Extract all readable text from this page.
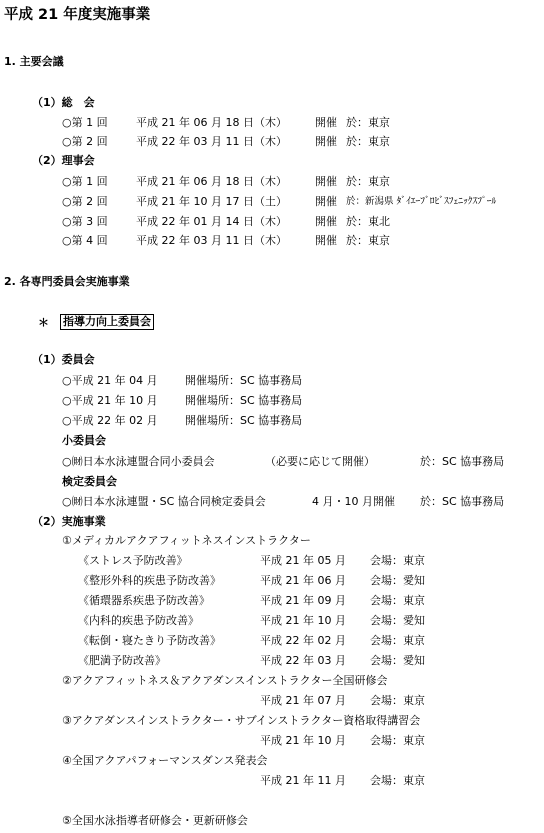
平成 21 年度実施事業
1. 主要会議
（1）総　会
○第 1 回	平成 21 年 06 月 18 日（木）	開催 於：東京
○第 2 回	平成 22 年 03 月 11 日（木）	開催 於：東京
（2）理事会
○第 1 回	平成 21 年 06 月 18 日（木）	開催 於：東京
○第 2 回	平成 21 年 10 月 17 日（土）	開催 於：新潟県 ﾀﾞｲｴｰﾌﾞﾛﾋﾞｽﾌｪﾆｯｸｽﾌﾟｰﾙ
○第 3 回	平成 22 年 01 月 14 日（木）	開催 於：東北
○第 4 回	平成 22 年 03 月 11 日（木）	開催 於：東京
2. 各専門委員会実施事業
＊ 指導力向上委員会
（1）委員会
○平成 21 年 04 月 開催場所：SC 協事務局
○平成 21 年 10 月 開催場所：SC 協事務局
○平成 22 年 02 月 開催場所：SC 協事務局
小委員会
○㈶日本水泳連盟合同小委員会	（必要に応じて開催）	於：SC 協事務局
検定委員会
○㈶日本水泳連盟・SC 協合同検定委員会	4 月・10 月開催 於：SC 協事務局
（2）実施事業
①メディカルアクアフィットネスインストラクター
《ストレス予防改善》	平成 21 年 05 月 会場：東京
《整形外科的疾患予防改善》	平成 21 年 06 月 会場：愛知
《循環器系疾患予防改善》	平成 21 年 09 月 会場：東京
《内科的疾患予防改善》	平成 21 年 10 月 会場：愛知
《転倒・寝たきり予防改善》	平成 22 年 02 月 会場：東京
《肥満予防改善》	平成 22 年 03 月 会場：愛知
②アクアフィットネス＆アクアダンスインストラクター全国研修会
平成 21 年 07 月 会場：東京
③アクアダンスインストラクター・サブインストラクター資格取得講習会
平成 21 年 10 月 会場：東京
④全国アクアパフォーマンスダンス発表会
平成 21 年 11 月 会場：東京
⑤全国水泳指導者研修会・更新研修会
